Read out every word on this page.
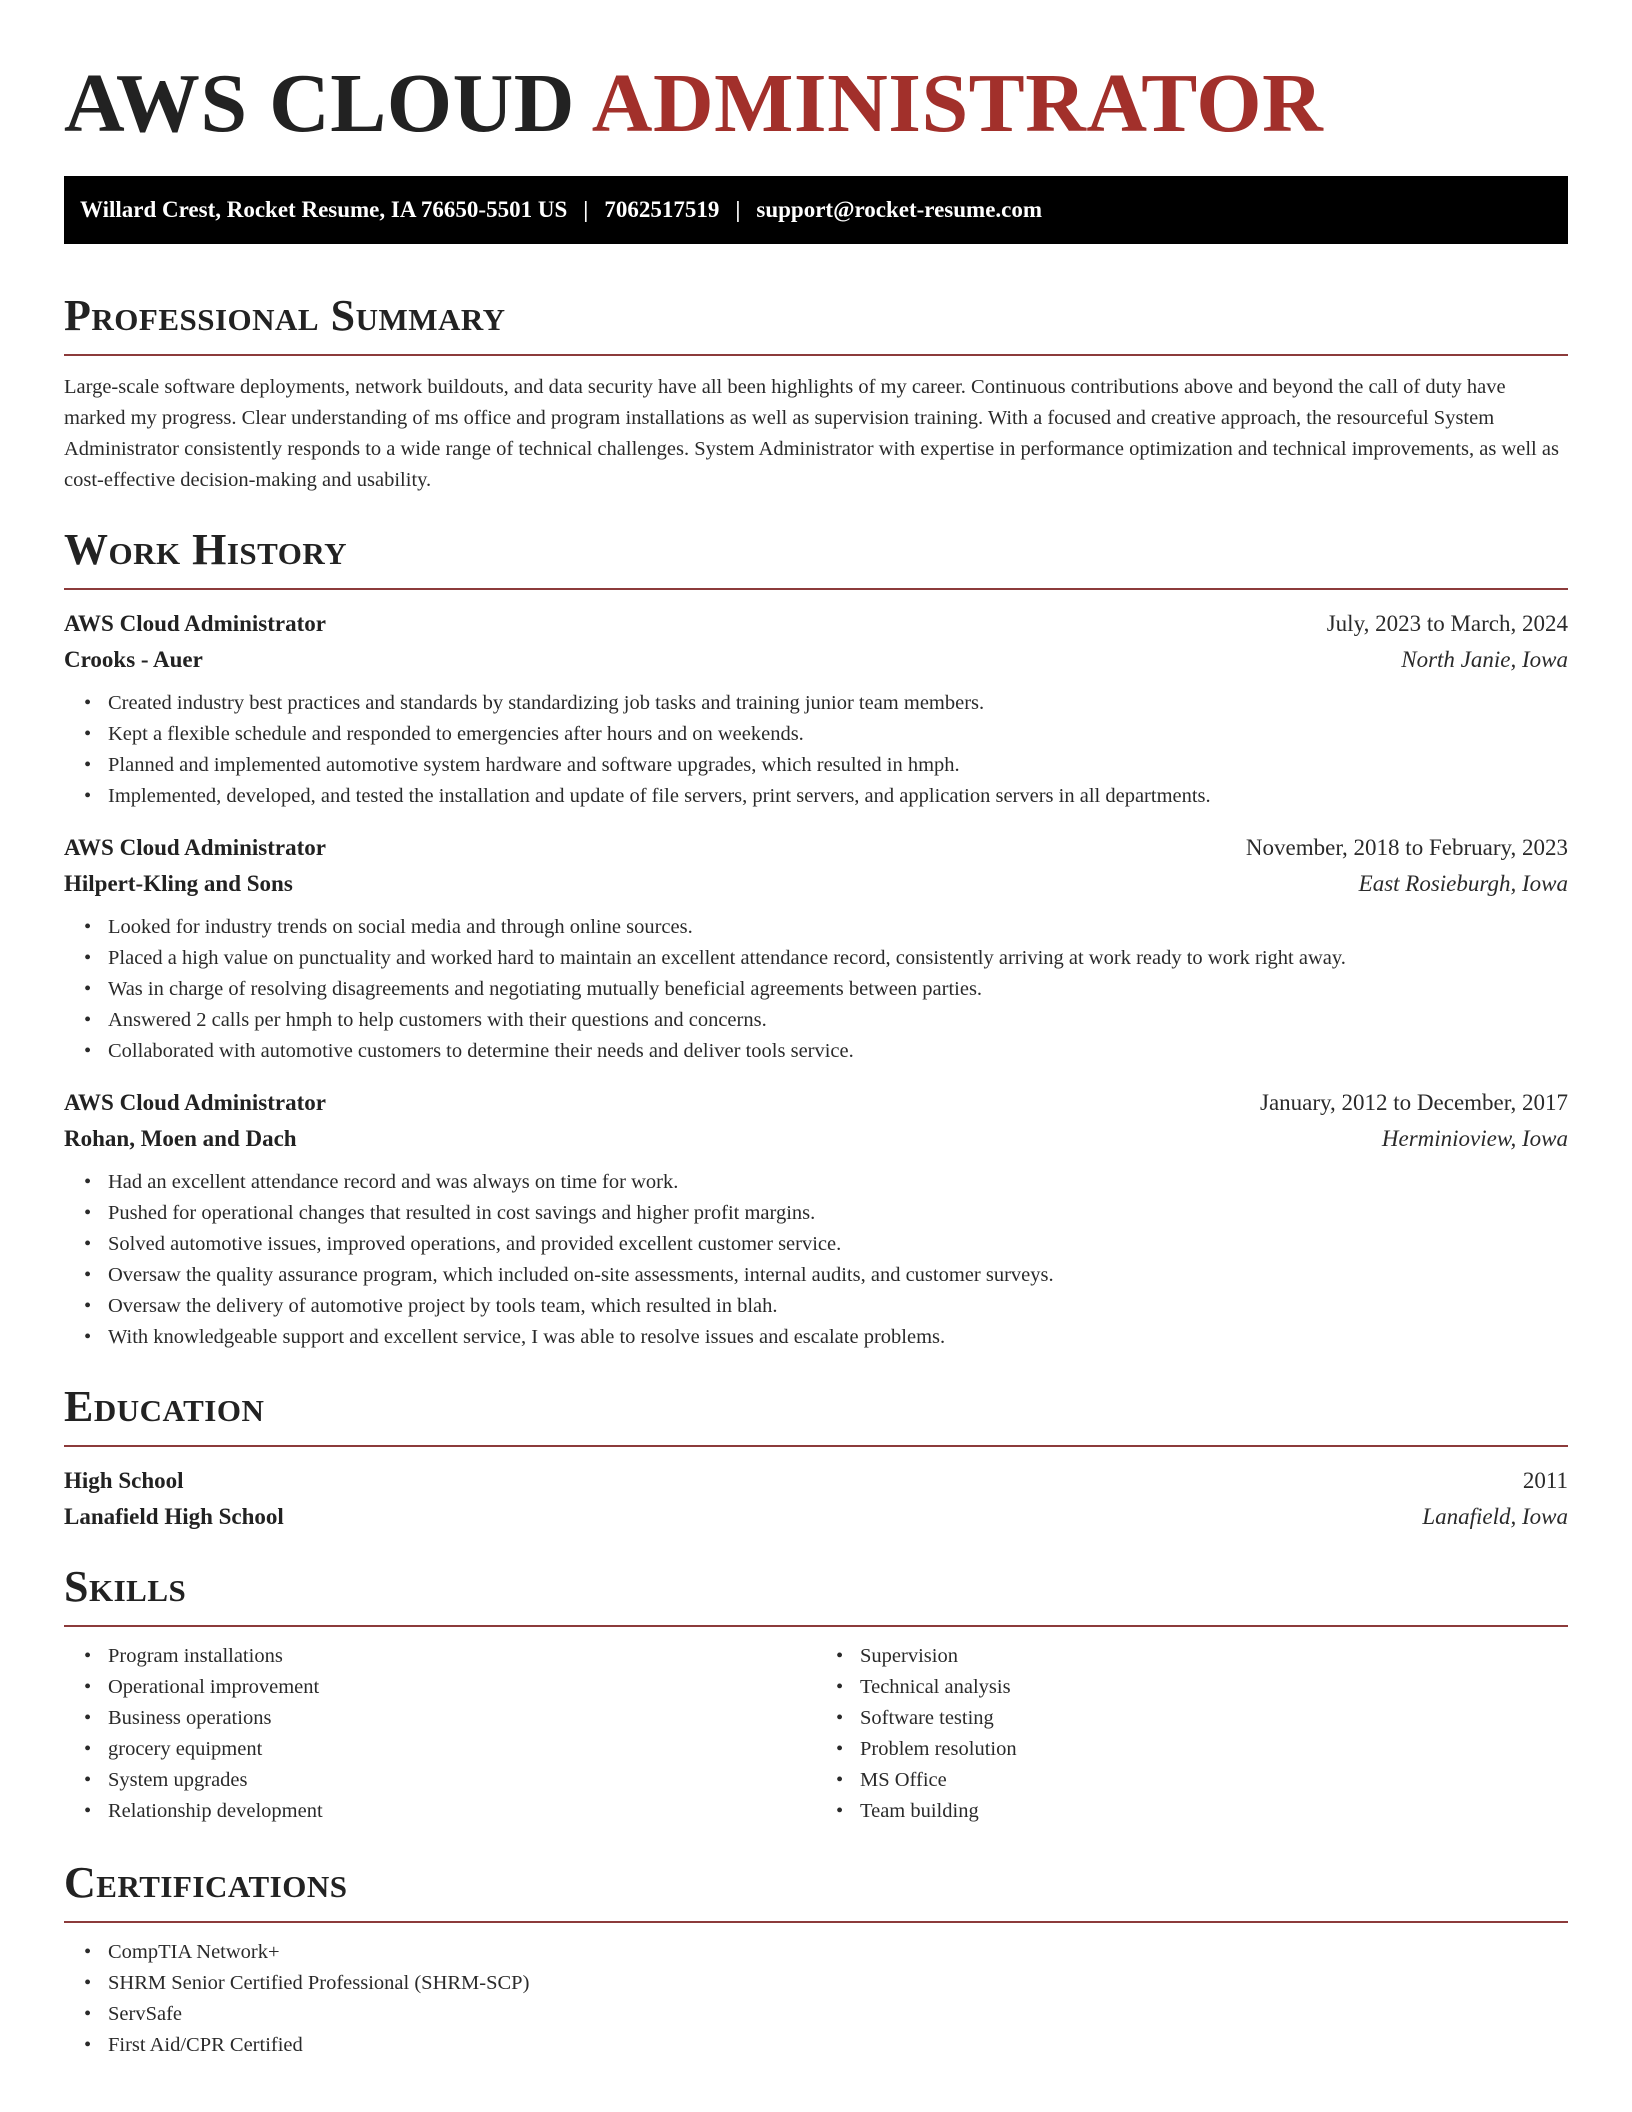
AWS CLOUD ADMINISTRATOR
Willard Crest, Rocket Resume, IA 76650-5501 US | 7062517519 | support@rocket-resume.com
Professional Summary

Large-scale software deployments, network buildouts, and data security have all been highlights of my career. Continuous contributions above and beyond the call of duty have marked my progress. Clear understanding of ms office and program installations as well as supervision training. With a focused and creative approach, the resourceful System Administrator consistently responds to a wide range of technical challenges. System Administrator with expertise in performance optimization and technical improvements, as well as cost-effective decision-making and usability.

Work History
AWS Cloud Administrator	July, 2023 to March, 2024
Crooks - Auer	North Janie, Iowa
• Created industry best practices and standards by standardizing job tasks and training junior team members.
• Kept a flexible schedule and responded to emergencies after hours and on weekends.
• Planned and implemented automotive system hardware and software upgrades, which resulted in hmph.
• Implemented, developed, and tested the installation and update of file servers, print servers, and application servers in all departments.
AWS Cloud Administrator	November, 2018 to February, 2023
Hilpert-Kling and Sons	East Rosieburgh, Iowa
• Looked for industry trends on social media and through online sources.
• Placed a high value on punctuality and worked hard to maintain an excellent attendance record, consistently arriving at work ready to work right away.
• Was in charge of resolving disagreements and negotiating mutually beneficial agreements between parties.
• Answered 2 calls per hmph to help customers with their questions and concerns.
• Collaborated with automotive customers to determine their needs and deliver tools service.
AWS Cloud Administrator	January, 2012 to December, 2017
Rohan, Moen and Dach	Herminioview, Iowa
• Had an excellent attendance record and was always on time for work.
• Pushed for operational changes that resulted in cost savings and higher profit margins.
• Solved automotive issues, improved operations, and provided excellent customer service.
• Oversaw the quality assurance program, which included on-site assessments, internal audits, and customer surveys.
• Oversaw the delivery of automotive project by tools team, which resulted in blah.
• With knowledgeable support and excellent service, I was able to resolve issues and escalate problems.
Education
High School	2011
Lanafield High School	Lanafield, Iowa
Skills
• Program installations
• Operational improvement
• Business operations
• grocery equipment
• System upgrades
• Relationship development
• Supervision
• Technical analysis
• Software testing
• Problem resolution
• MS Office
• Team building
Certifications
• CompTIA Network+
• SHRM Senior Certified Professional (SHRM-SCP)
• ServSafe
• First Aid/CPR Certified
